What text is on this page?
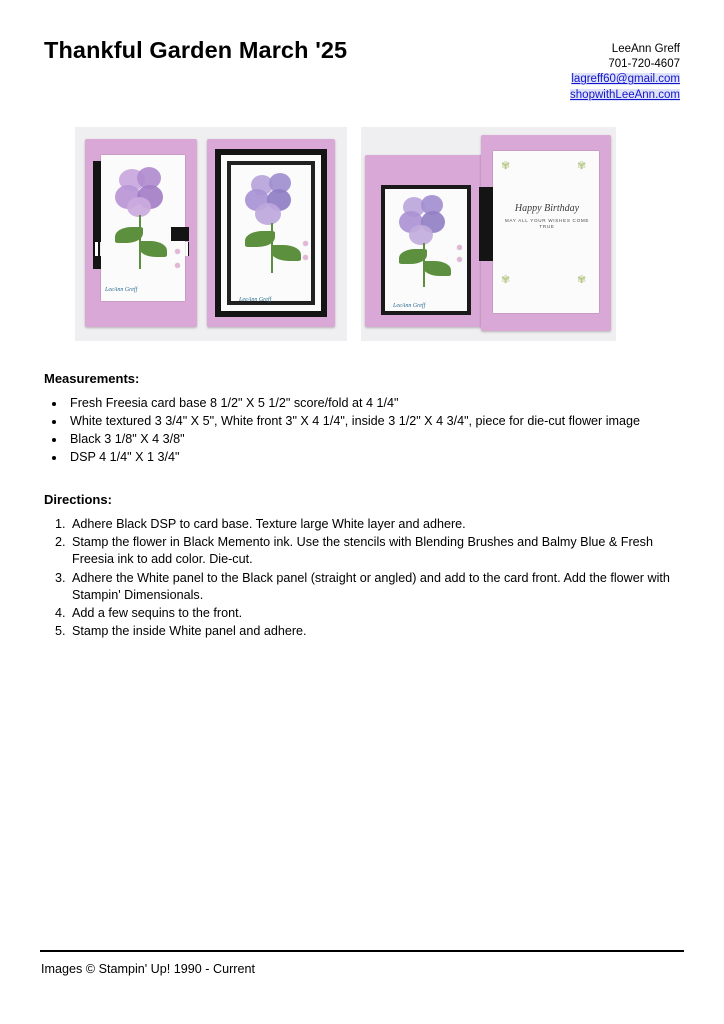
Thankful Garden March '25	LeeAnn Greff
701-720-4607
lagreff60@gmail.com
shopwithLeeAnn.com
LeeAnn Greff
LeeAnn Greff
LeeAnn Greff
✾	✾
✾	✾
Happy Birthday
MAY ALL YOUR WISHES COME TRUE

Measurements:

• Fresh Freesia card base 8 1/2" X 5 1/2" score/fold at 4 1/4"
• White textured 3 3/4" X 5", White front 3" X 4 1/4", inside 3 1/2" X 4 3/4", piece for die-cut flower image
• Black 3 1/8" X 4 3/8"
• DSP 4 1/4" X 1 3/4"

Directions:

1. Adhere Black DSP to card base. Texture large White layer and adhere.
2. Stamp the flower in Black Memento ink. Use the stencils with Blending Brushes and Balmy Blue & Fresh Freesia ink to add color. Die-cut.
3. Adhere the White panel to the Black panel (straight or angled) and add to the card front. Add the flower with Stampin' Dimensionals.
4. Add a few sequins to the front.
5. Stamp the inside White panel and adhere.
Images © Stampin' Up! 1990 - Current
